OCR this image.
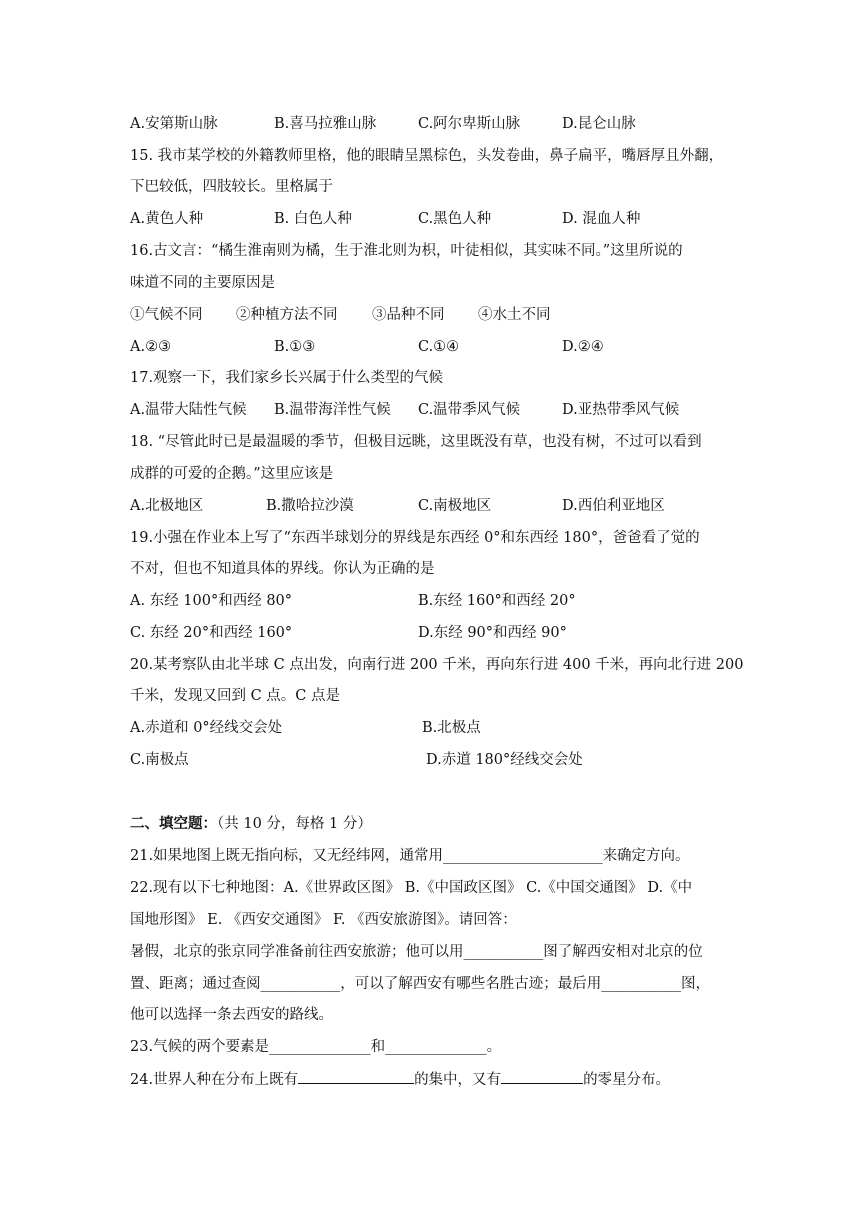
A.安第斯山脉	B.喜马拉雅山脉	C.阿尔卑斯山脉	D.昆仑山脉
15. 我市某学校的外籍教师里格，他的眼睛呈黑棕色，头发卷曲，鼻子扁平，嘴唇厚且外翻，
下巴较低，四肢较长。里格属于
A.黄色人种	B. 白色人种	C.黑色人种	D. 混血人种
16.古文言：“橘生淮南则为橘，生于淮北则为枳，叶徒相似，其实味不同。”这里所说的
味道不同的主要原因是
①气候不同 ②种植方法不同 ③品种不同 ④水土不同
A.②③	B.①③	C.①④	D.②④
17.观察一下，我们家乡长兴属于什么类型的气候
A.温带大陆性气候 B.温带海洋性气候 C.温带季风气候	D.亚热带季风气候
18. “尽管此时已是最温暖的季节，但极目远眺，这里既没有草，也没有树，不过可以看到
成群的可爱的企鹅。”这里应该是
A.北极地区	B.撒哈拉沙漠	C.南极地区	D.西伯利亚地区
19.小强在作业本上写了“东西半球划分的界线是东西经 0°和东西经 180°，爸爸看了觉的
不对，但也不知道具体的界线。你认为正确的是
A. 东经 100°和西经 80°	B.东经 160°和西经 20°
C. 东经 20°和西经 160°	D.东经 90°和西经 90°
20.某考察队由北半球 C 点出发，向南行进 200 千米，再向东行进 400 千米，再向北行进 200
千米，发现又回到 C 点。C 点是
A.赤道和 0°经线交会处	B.北极点
C.南极点	D.赤道 180°经线交会处
二、填空题：（共 10 分，每格 1 分）
21.如果地图上既无指向标，又无经纬网，通常用______________________来确定方向。
22.现有以下七种地图：A.《世界政区图》 B.《中国政区图》 C.《中国交通图》 D.《中
国地形图》 E. 《西安交通图》 F. 《西安旅游图》。请回答：
暑假，北京的张京同学准备前往西安旅游；他可以用___________图了解西安相对北京的位
置、距离；通过查阅___________，可以了解西安有哪些名胜古迹；最后用___________图，
他可以选择一条去西安的路线。
23.气候的两个要素是______________和______________。
24.世界人种在分布上既有	的集中，又有	的零星分布。
